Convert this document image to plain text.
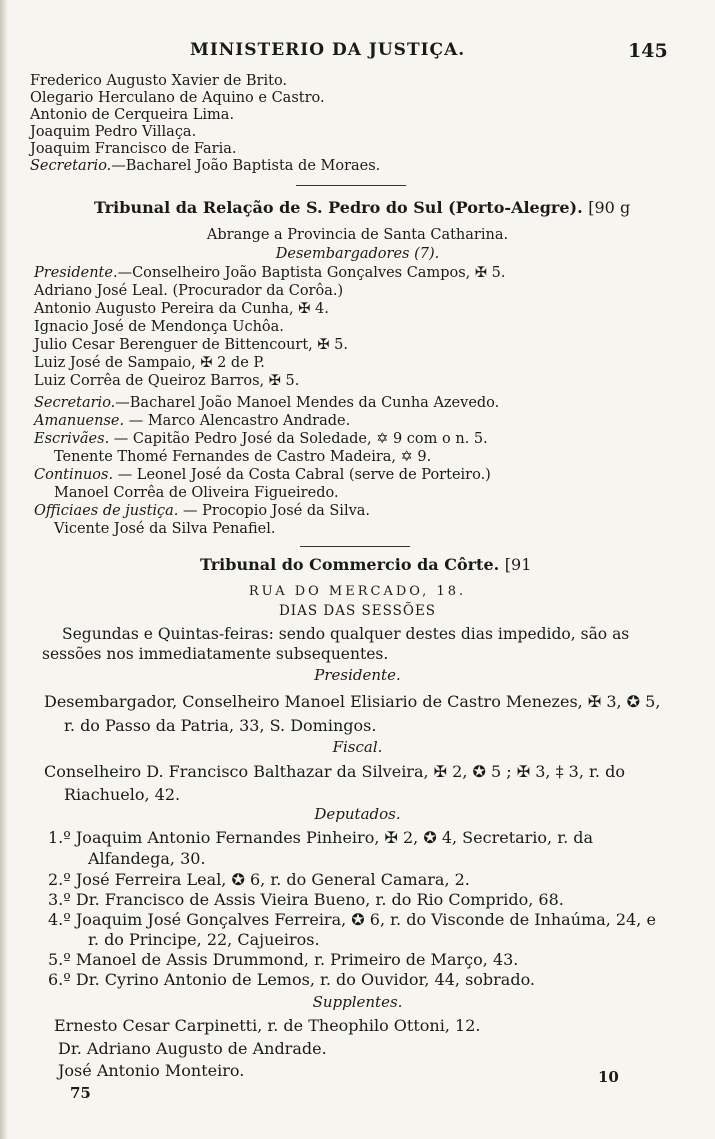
MINISTERIO DA JUSTIÇA.	145
Frederico Augusto Xavier de Brito.
Olegario Herculano de Aquino e Castro.
Antonio de Cerqueira Lima.
Joaquim Pedro Villaça.
Joaquim Francisco de Faria.
Secretario.—Bacharel João Baptista de Moraes.
Tribunal da Relação de S. Pedro do Sul (Porto-Alegre). [90 g
Abrange a Provincia de Santa Catharina.
Desembargadores (7).
Presidente.—Conselheiro João Baptista Gonçalves Campos, ✠ 5.
Adriano José Leal. (Procurador da Corôa.)
Antonio Augusto Pereira da Cunha, ✠ 4.
Ignacio José de Mendonça Uchôa.
Julio Cesar Berenguer de Bittencourt, ✠ 5.
Luiz José de Sampaio, ✠ 2 de P.
Luiz Corrêa de Queiroz Barros, ✠ 5.
Secretario.—Bacharel João Manoel Mendes da Cunha Azevedo.
Amanuense. — Marco Alencastro Andrade.
Escrivães. — Capitão Pedro José da Soledade, ✡ 9 com o n. 5.
Tenente Thomé Fernandes de Castro Madeira, ✡ 9.
Continuos. — Leonel José da Costa Cabral (serve de Porteiro.)
Manoel Corrêa de Oliveira Figueiredo.
Officiaes de justiça. — Procopio José da Silva.
Vicente José da Silva Penafiel.
Tribunal do Commercio da Côrte. [91
RUA DO MERCADO, 18.
DIAS DAS SESSÕES
Segundas e Quintas-feiras: sendo qualquer destes dias impedido, são as
sessões nos immediatamente subsequentes.
Presidente.
Desembargador, Conselheiro Manoel Elisiario de Castro Menezes, ✠ 3, ✪ 5,
r. do Passo da Patria, 33, S. Domingos.
Fiscal.
Conselheiro D. Francisco Balthazar da Silveira, ✠ 2, ✪ 5 ; ✠ 3, ‡ 3, r. do
Riachuelo, 42.
Deputados.
1.º Joaquim Antonio Fernandes Pinheiro, ✠ 2, ✪ 4, Secretario, r. da
Alfandega, 30.
2.º José Ferreira Leal, ✪ 6, r. do General Camara, 2.
3.º Dr. Francisco de Assis Vieira Bueno, r. do Rio Comprido, 68.
4.º Joaquim José Gonçalves Ferreira, ✪ 6, r. do Visconde de Inhaúma, 24, e
r. do Principe, 22, Cajueiros.
5.º Manoel de Assis Drummond, r. Primeiro de Março, 43.
6.º Dr. Cyrino Antonio de Lemos, r. do Ouvidor, 44, sobrado.
Supplentes.
Ernesto Cesar Carpinetti, r. de Theophilo Ottoni, 12.
Dr. Adriano Augusto de Andrade.
José Antonio Monteiro.
75
10
